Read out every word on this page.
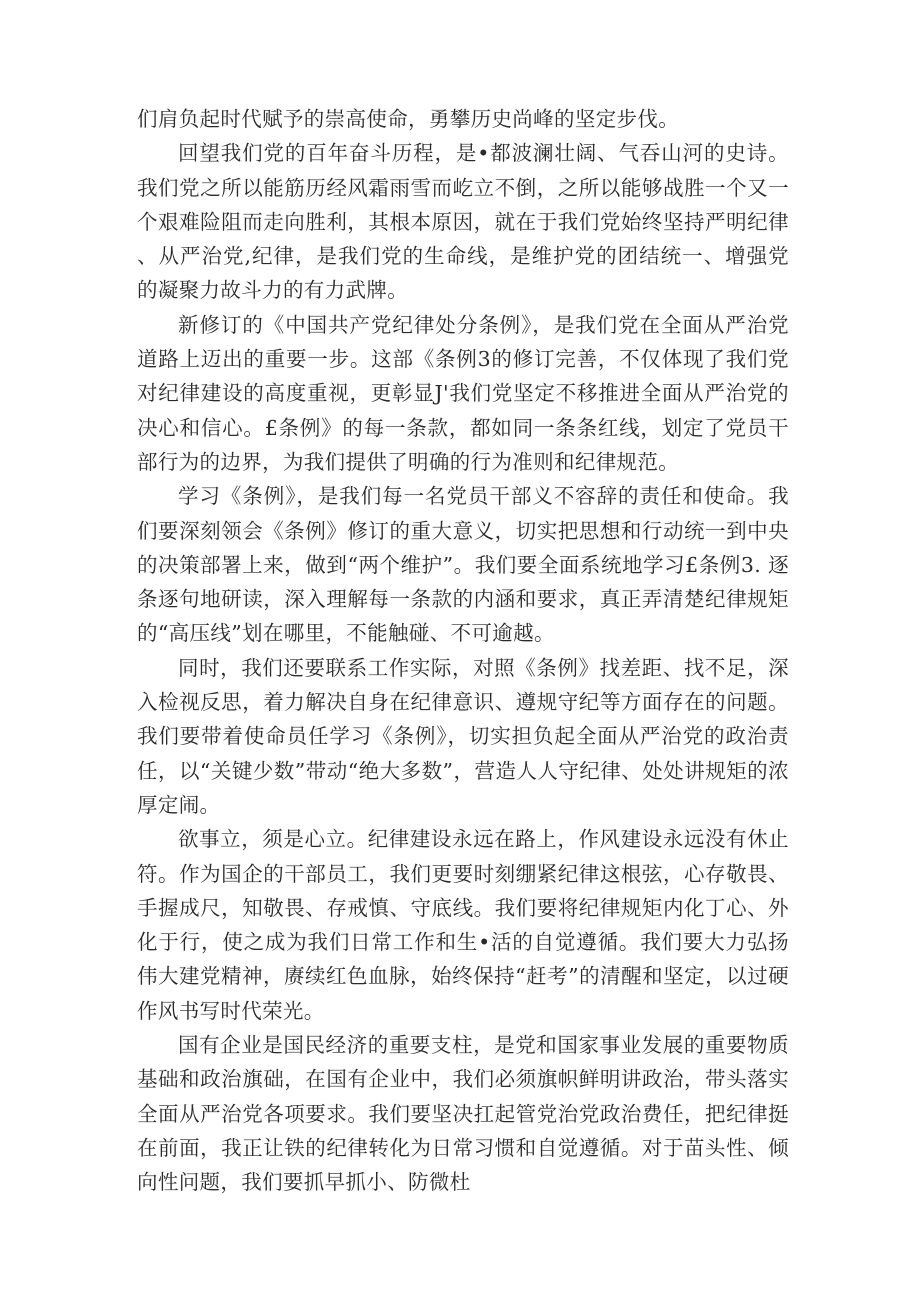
们肩负起时代赋予的崇高使命，勇攀历史尚峰的坚定步伐。

回望我们党的百年奋斗历程，是•都波澜壮阔、气吞山河的史诗。我们党之所以能筋历经风霜雨雪而屹立不倒，之所以能够战胜一个又一个艰难险阻而走向胜利，其根本原因，就在于我们党始终坚持严明纪律、从严治党,纪律，是我们党的生命线，是维护党的团结统一、增强党的凝聚力故斗力的有力武牌。

新修订的《中国共产党纪律处分条例》，是我们党在全面从严治党道路上迈出的重要一步。这部《条例3的修订完善，不仅体现了我们党对纪律建设的高度重视，更彰显J'我们党坚定不移推进全面从严治党的决心和信心。£条例》的每一条款，都如同一条条红线，划定了党员干部行为的边界，为我们提供了明确的行为准则和纪律规范。

学习《条例》，是我们每一名党员干部义不容辞的责任和使命。我们要深刻领会《条例》修订的重大意义，切实把思想和行动统一到中央的决策部署上来，做到“两个维护”。我们要全面系统地学习£条例3. 逐条逐句地研读，深入理解每一条款的内涵和要求，真正弄清楚纪律规矩的“高压线”划在哪里，不能触碰、不可逾越。

同时，我们还要联系工作实际，对照《条例》找差距、找不足，深入检视反思，着力解决自身在纪律意识、遵规守纪等方面存在的问题。我们要带着使命员任学习《条例》，切实担负起全面从严治党的政治责任，以“关键少数”带动“绝大多数”，营造人人守纪律、处处讲规矩的浓厚定闹。

欲事立，须是心立。纪律建设永远在路上，作风建设永远没有休止符。作为国企的干部员工，我们更要时刻绷紧纪律这根弦，心存敬畏、手握成尺，知敬畏、存戒慎、守底线。我们要将纪律规矩内化丁心、外化于行，使之成为我们日常工作和生•活的自觉遵循。我们要大力弘扬伟大建党精神，赓续红色血脉，始终保持“赶考”的清醒和坚定，以过硬作风书写时代荣光。

国有企业是国民经济的重要支柱，是党和国家事业发展的重要物质基础和政治旗础，在国有企业中，我们必须旗帜鲜明讲政治，带头落实全面从严治党各项要求。我们要坚决扛起管党治党政治费任，把纪律挺在前面，我正让铁的纪律转化为日常习惯和自觉遵循。对于苗头性、倾向性问题，我们要抓早抓小、防微杜
